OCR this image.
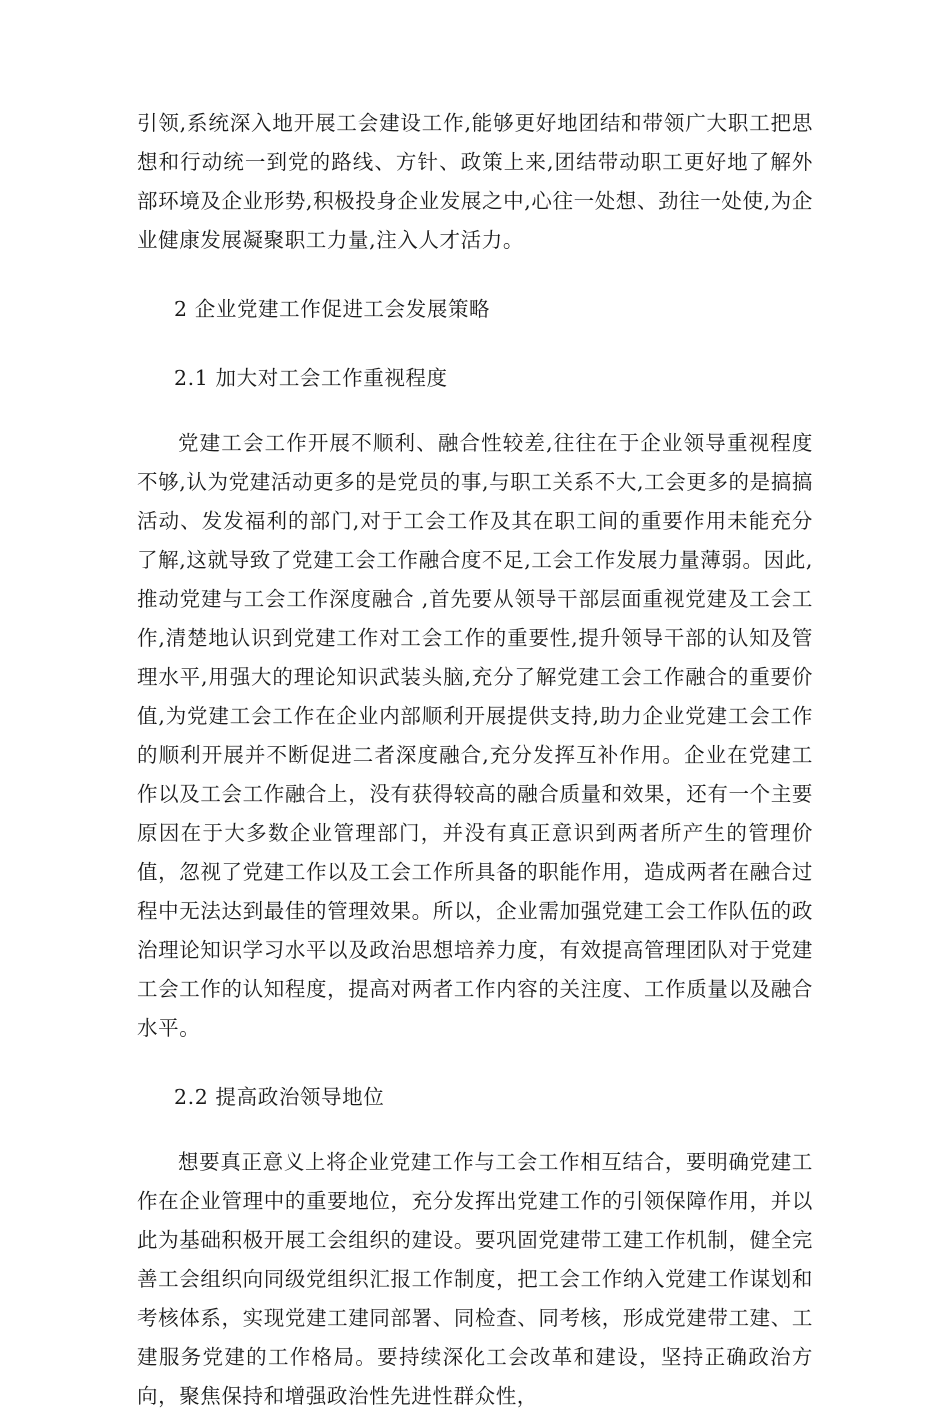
引领,系统深入地开展工会建设工作,能够更好地团结和带领广大职工把思想和行动统一到党的路线、方针、政策上来,团结带动职工更好地了解外部环境及企业形势,积极投身企业发展之中,心往一处想、劲往一处使,为企业健康发展凝聚职工力量,注入人才活力。

2 企业党建工作促进工会发展策略

2.1 加大对工会工作重视程度

党建工会工作开展不顺利、融合性较差,往往在于企业领导重视程度不够,认为党建活动更多的是党员的事,与职工关系不大,工会更多的是搞搞活动、发发福利的部门,对于工会工作及其在职工间的重要作用未能充分了解,这就导致了党建工会工作融合度不足,工会工作发展力量薄弱。因此,推动党建与工会工作深度融合 ,首先要从领导干部层面重视党建及工会工作,清楚地认识到党建工作对工会工作的重要性,提升领导干部的认知及管理水平,用强大的理论知识武装头脑,充分了解党建工会工作融合的重要价值,为党建工会工作在企业内部顺利开展提供支持,助力企业党建工会工作的顺利开展并不断促进二者深度融合,充分发挥互补作用。企业在党建工作以及工会工作融合上，没有获得较高的融合质量和效果，还有一个主要原因在于大多数企业管理部门，并没有真正意识到两者所产生的管理价值，忽视了党建工作以及工会工作所具备的职能作用，造成两者在融合过程中无法达到最佳的管理效果。所以，企业需加强党建工会工作队伍的政治理论知识学习水平以及政治思想培养力度，有效提高管理团队对于党建工会工作的认知程度，提高对两者工作内容的关注度、工作质量以及融合水平。

2.2 提高政治领导地位

想要真正意义上将企业党建工作与工会工作相互结合，要明确党建工作在企业管理中的重要地位，充分发挥出党建工作的引领保障作用，并以此为基础积极开展工会组织的建设。要巩固党建带工建工作机制，健全完善工会组织向同级党组织汇报工作制度，把工会工作纳入党建工作谋划和考核体系，实现党建工建同部署、同检查、同考核，形成党建带工建、工建服务党建的工作格局。要持续深化工会改革和建设，坚持正确政治方向，聚焦保持和增强政治性先进性群众性，
